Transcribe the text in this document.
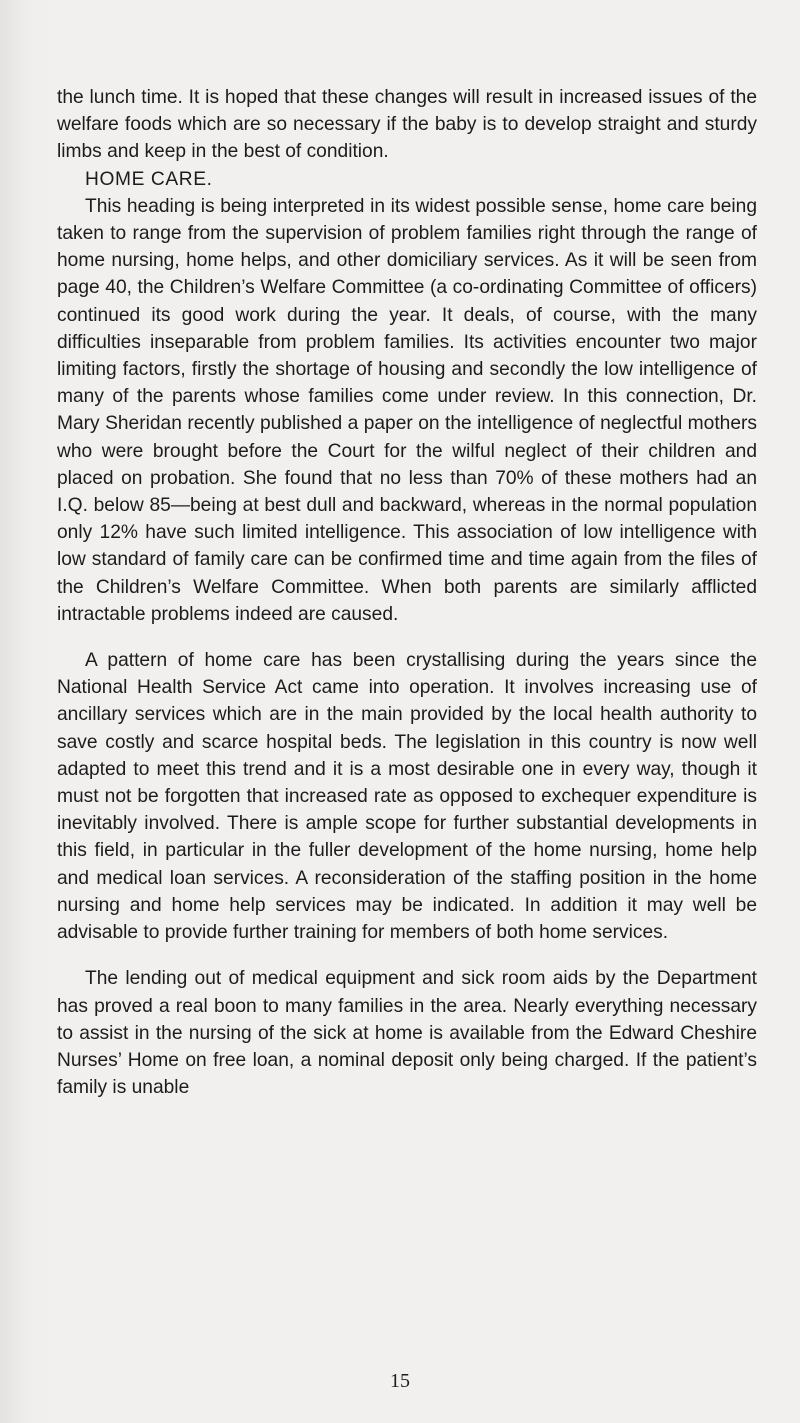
the lunch time. It is hoped that these changes will result in increased issues of the welfare foods which are so necessary if the baby is to develop straight and sturdy limbs and keep in the best of condition.

HOME CARE.

This heading is being interpreted in its widest possible sense, home care being taken to range from the supervision of problem families right through the range of home nursing, home helps, and other domiciliary services. As it will be seen from page 40, the Children’s Welfare Committee (a co-ordinating Committee of officers) continued its good work during the year. It deals, of course, with the many difficulties inseparable from problem families. Its activities encounter two major limiting factors, firstly the shortage of housing and secondly the low intelligence of many of the parents whose families come under review. In this connection, Dr. Mary Sheridan recently published a paper on the intelligence of neglectful mothers who were brought before the Court for the wilful neglect of their children and placed on probation. She found that no less than 70% of these mothers had an I.Q. below 85—being at best dull and backward, whereas in the normal population only 12% have such limited intelligence. This association of low intelligence with low standard of family care can be confirmed time and time again from the files of the Children’s Welfare Committee. When both parents are similarly afflicted intractable problems indeed are caused.

A pattern of home care has been crystallising during the years since the National Health Service Act came into operation. It involves increasing use of ancillary services which are in the main provided by the local health authority to save costly and scarce hospital beds. The legislation in this country is now well adapted to meet this trend and it is a most desirable one in every way, though it must not be forgotten that increased rate as opposed to exchequer expenditure is inevitably involved. There is ample scope for further substantial developments in this field, in particular in the fuller development of the home nursing, home help and medical loan services. A reconsideration of the staffing position in the home nursing and home help services may be indicated. In addition it may well be advisable to provide further training for members of both home services.

The lending out of medical equipment and sick room aids by the Department has proved a real boon to many families in the area. Nearly everything necessary to assist in the nursing of the sick at home is available from the Edward Cheshire Nurses’ Home on free loan, a nominal deposit only being charged. If the patient’s family is unable

15
